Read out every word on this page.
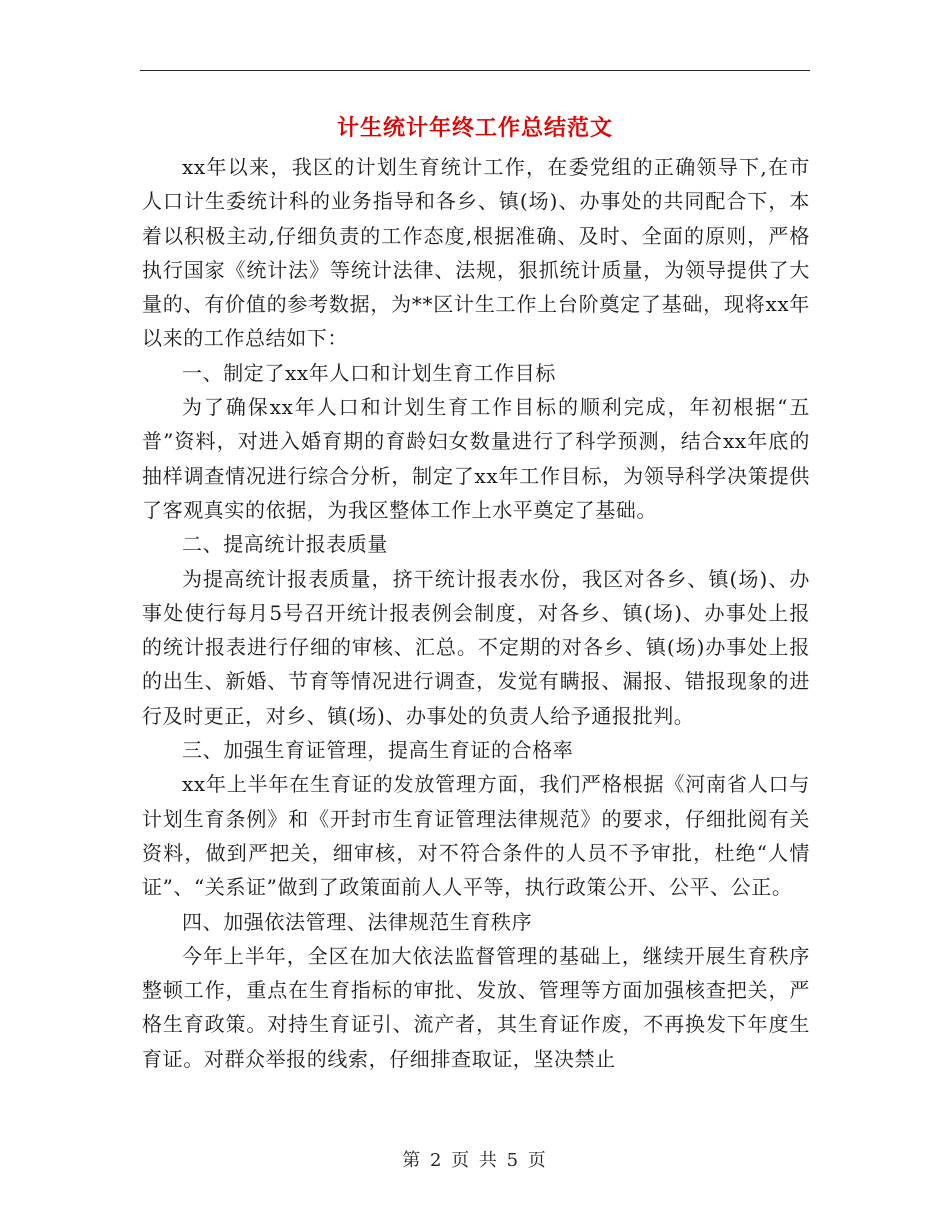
计生统计年终工作总结范文

xx年以来，我区的计划生育统计工作，在委党组的正确领导下,在市人口计生委统计科的业务指导和各乡、镇(场)、办事处的共同配合下，本着以积极主动,仔细负责的工作态度,根据准确、及时、全面的原则，严格执行国家《统计法》等统计法律、法规，狠抓统计质量，为领导提供了大量的、有价值的参考数据，为**区计生工作上台阶奠定了基础，现将xx年以来的工作总结如下：

一、制定了xx年人口和计划生育工作目标

为了确保xx年人口和计划生育工作目标的顺利完成，年初根据“五普”资料，对进入婚育期的育龄妇女数量进行了科学预测，结合xx年底的抽样调查情况进行综合分析，制定了xx年工作目标，为领导科学决策提供了客观真实的依据，为我区整体工作上水平奠定了基础。

二、提高统计报表质量

为提高统计报表质量，挤干统计报表水份，我区对各乡、镇(场)、办事处使行每月5号召开统计报表例会制度，对各乡、镇(场)、办事处上报的统计报表进行仔细的审核、汇总。不定期的对各乡、镇(场)办事处上报的出生、新婚、节育等情况进行调查，发觉有瞒报、漏报、错报现象的进行及时更正，对乡、镇(场)、办事处的负责人给予通报批判。

三、加强生育证管理，提高生育证的合格率

xx年上半年在生育证的发放管理方面，我们严格根据《河南省人口与计划生育条例》和《开封市生育证管理法律规范》的要求，仔细批阅有关资料，做到严把关，细审核，对不符合条件的人员不予审批，杜绝“人情证”、“关系证”做到了政策面前人人平等，执行政策公开、公平、公正。

四、加强依法管理、法律规范生育秩序

今年上半年，全区在加大依法监督管理的基础上，继续开展生育秩序整顿工作，重点在生育指标的审批、发放、管理等方面加强核查把关，严格生育政策。对持生育证引、流产者，其生育证作废，不再换发下年度生育证。对群众举报的线索，仔细排查取证，坚决禁止

第 2 页 共 5 页
